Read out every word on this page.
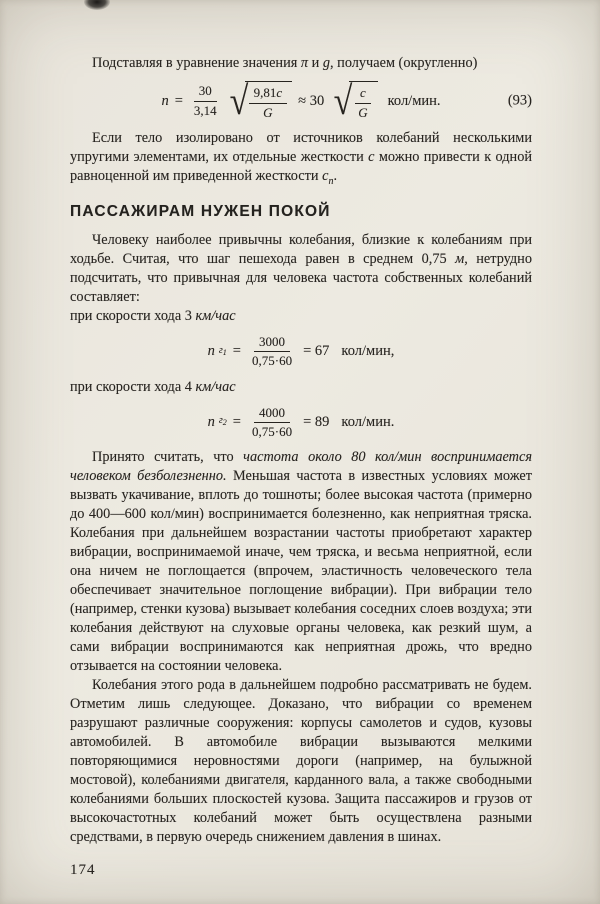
Подставляя в уравнение значения π и g, получаем (округленно)

$n = \frac{30}{3,14}$ √ $\frac{9,81c}{G} \approx 30$ √ $\frac{c}{G} кол/мин$.	(93)

Если тело изолировано от источников колебаний несколькими упругими элементами, их отдельные жесткости с можно привести к одной равноценной им приведенной жесткости $с_п$.

ПАССАЖИРАМ НУЖЕН ПОКОЙ

Человеку наиболее привычны колебания, близкие к колебаниям при ходьбе. Считая, что шаг пешехода равен в среднем 0,75 м, нетрудно подсчитать, что привычная для человека частота собственных колебаний составляет:

при скорости хода 3 км/час

n $г_1 = \frac{3000}{0,75\cdot 60} = 67$ кол/мин,

при скорости хода 4 км/час

n $г_2 = \frac{4000}{0,75\cdot 60} = 89$ кол/мин.

Принято считать, что частота около 80 кол/мин воспринимается человеком безболезненно. Меньшая частота в известных условиях может вызвать укачивание, вплоть до тошноты; более высокая частота (примерно до 400—600 кол/мин) воспринимается болезненно, как неприятная тряска. Колебания при дальнейшем возрастании частоты приобретают характер вибрации, воспринимаемой иначе, чем тряска, и весьма неприятной, если она ничем не поглощается (впрочем, эластичность человеческого тела обеспечивает значительное поглощение вибрации). При вибрации тело (например, стенки кузова) вызывает колебания соседних слоев воздуха; эти колебания действуют на слуховые органы человека, как резкий шум, а сами вибрации воспринимаются как неприятная дрожь, что вредно отзывается на состоянии человека.

Колебания этого рода в дальнейшем подробно рассматривать не будем. Отметим лишь следующее. Доказано, что вибрации со временем разрушают различные сооружения: корпусы самолетов и судов, кузовы автомобилей. В автомобиле вибрации вызываются мелкими повторяющимися неровностями дороги (например, на булыжной мостовой), колебаниями двигателя, карданного вала, а также свободными колебаниями больших плоскостей кузова. Защита пассажиров и грузов от высокочастотных колебаний может быть осуществлена разными средствами, в первую очередь снижением давления в шинах.

174
